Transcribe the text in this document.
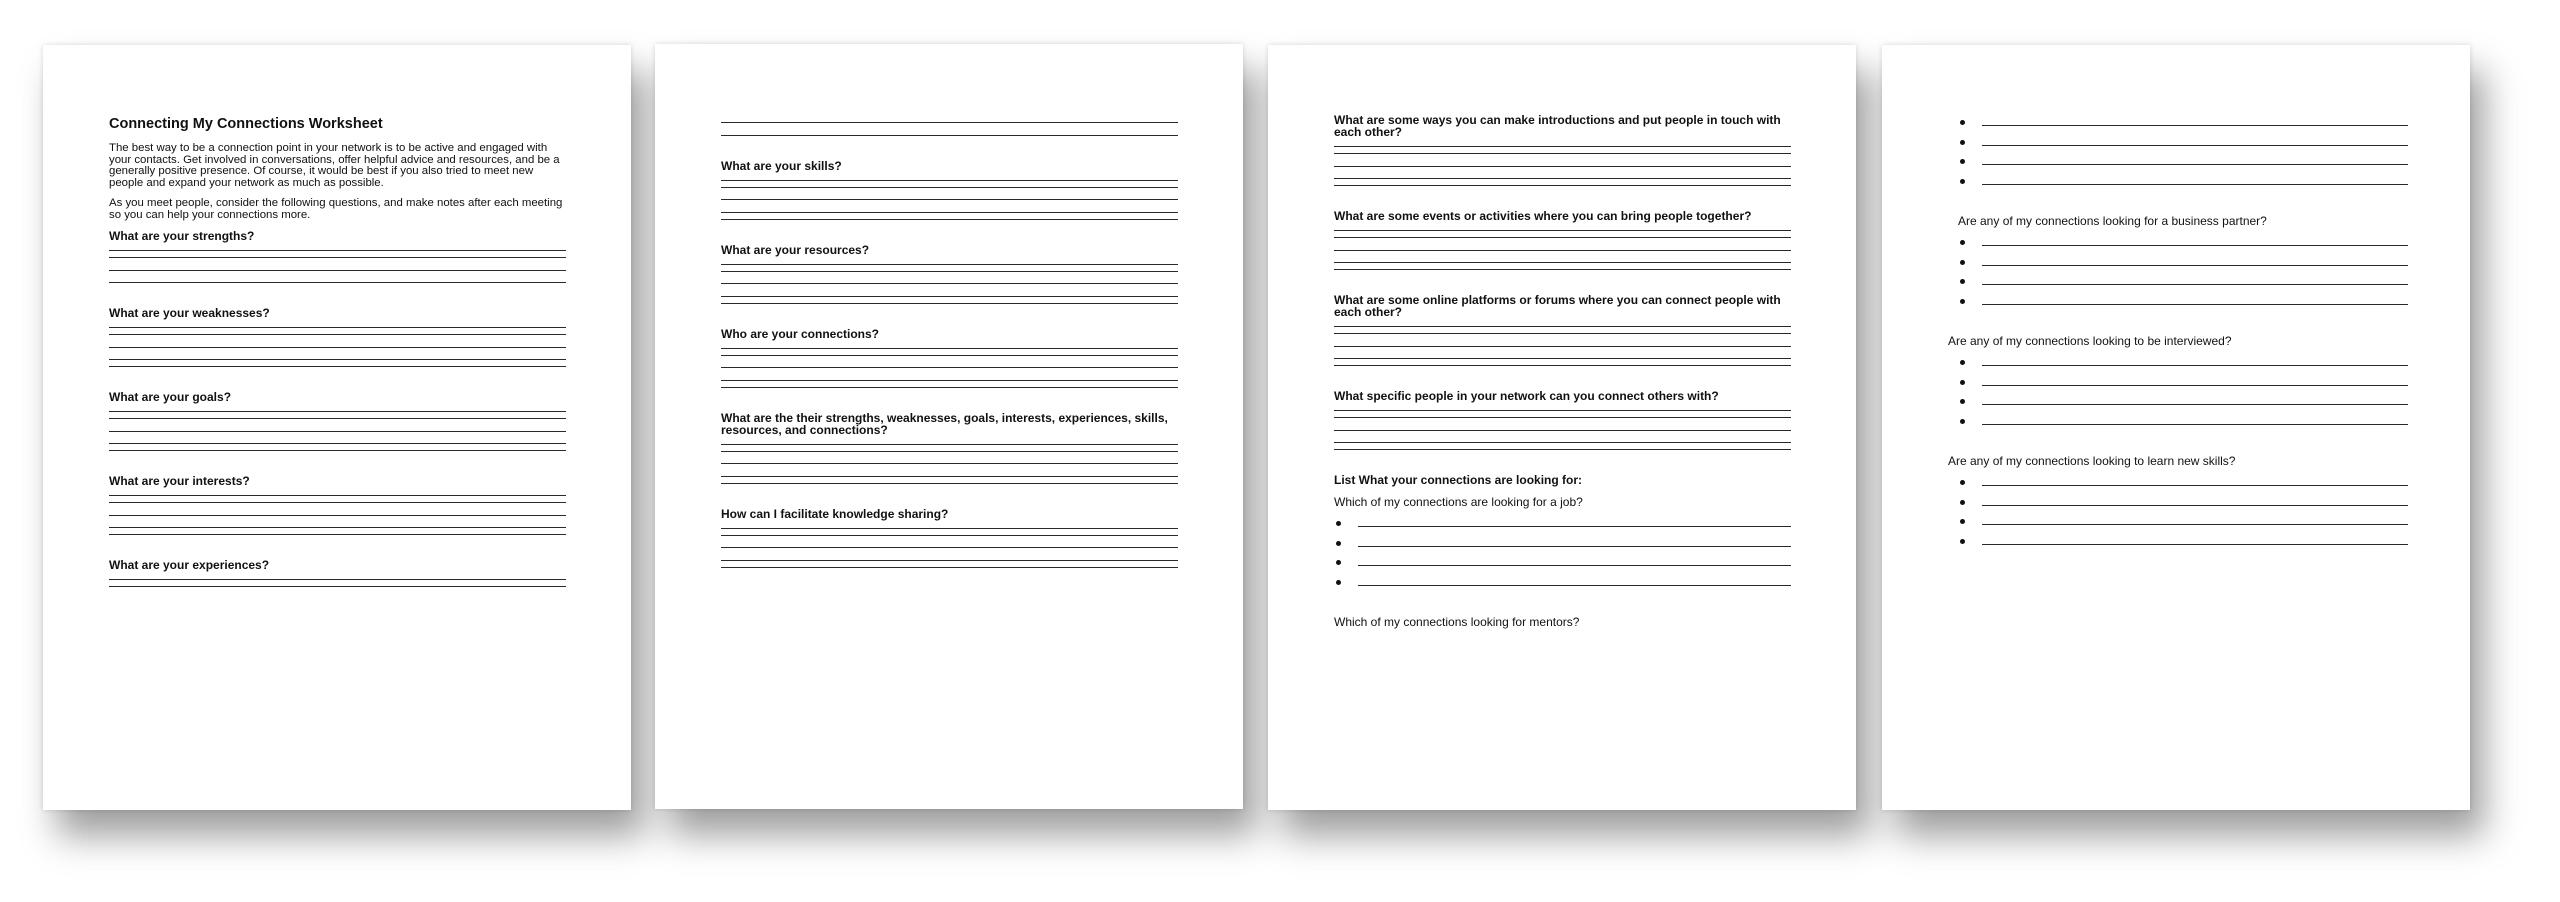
Connecting My Connections Worksheet

The best way to be a connection point in your network is to be active and engaged with your contacts. Get involved in conversations, offer helpful advice and resources, and be a generally positive presence. Of course, it would be best if you also tried to meet new people and expand your network as much as possible.

As you meet people, consider the following questions, and make notes after each meeting so you can help your connections more.

What are your strengths?
What are your weaknesses?
What are your goals?
What are your interests?
What are your experiences?
What are your skills?
What are your resources?
Who are your connections?
What are the their strengths, weaknesses, goals, interests, experiences, skills, resources, and connections?
How can I facilitate knowledge sharing?
What are some ways you can make introductions and put people in touch with each other?
What are some events or activities where you can bring people together?
What are some online platforms or forums where you can connect people with each other?
What specific people in your network can you connect others with?
List What your connections are looking for:
Which of my connections are looking for a job?
Which of my connections looking for mentors?
Are any of my connections looking for a business partner?
Are any of my connections looking to be interviewed?
Are any of my connections looking to learn new skills?
